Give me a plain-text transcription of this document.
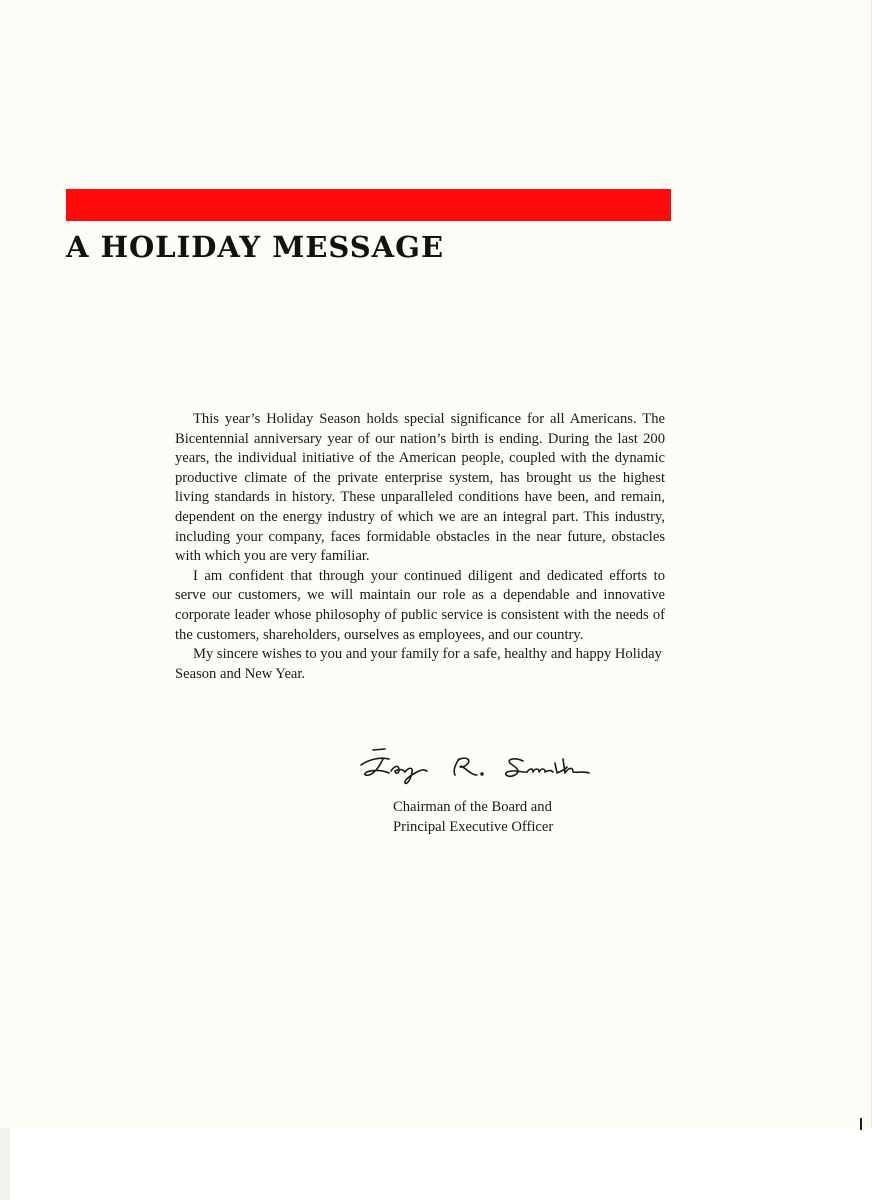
A HOLIDAY MESSAGE

This year’s Holiday Season holds special significance for all Americans. The Bicentennial anniversary year of our nation’s birth is ending. During the last 200 years, the individual initiative of the American people, coupled with the dynamic productive climate of the private enterprise system, has brought us the highest living standards in history. These unparalleled conditions have been, and remain, dependent on the energy industry of which we are an integral part. This industry, including your company, faces formidable obstacles in the near future, obstacles with which you are very familiar.

I am confident that through your continued diligent and dedicated efforts to serve our customers, we will maintain our role as a dependable and innovative corporate leader whose philosophy of public service is consistent with the needs of the customers, shareholders, ourselves as employees, and our country.

My sincere wishes to you and your family for a safe, healthy and happy Holiday Season and New Year.

Chairman of the Board and
Principal Executive Officer
